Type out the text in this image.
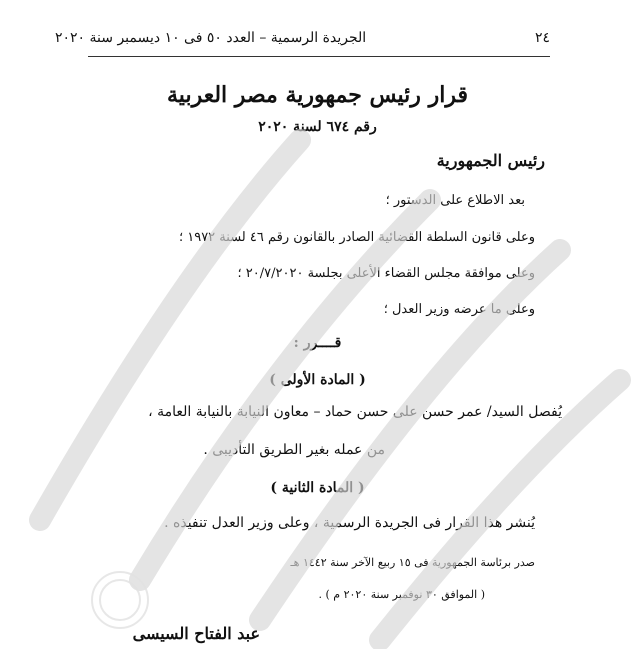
٢٤
الجريدة الرسمية – العدد ٥٠ فى ١٠ ديسمبر سنة ٢٠٢٠
قرار رئيس جمهورية مصر العربية
رقم ٦٧٤ لسنة ٢٠٢٠
رئيس الجمهورية
بعد الاطلاع على الدستور ؛
وعلى قانون السلطة القضائية الصادر بالقانون رقم ٤٦ لسنة ١٩٧٢ ؛
وعلى موافقة مجلس القضاء الأعلى بجلسة ٢٠/٧/٢٠٢٠ ؛
وعلى ما عرضه وزير العدل ؛
قــــرر :
( المادة الأولى )
يُفصل السيد/ عمر حسن على حسن حماد – معاون النيابة بالنيابة العامة ،
من عمله بغير الطريق التأديبى .
( المادة الثانية )
يُنشر هذا القرار فى الجريدة الرسمية ، وعلى وزير العدل تنفيذه .
صدر برئاسة الجمهورية فى ١٥ ربيع الآخر سنة ١٤٤٢ هـ
( الموافق ٣٠ نوفمبر سنة ٢٠٢٠ م ) .
عبد الفتاح السيسى
